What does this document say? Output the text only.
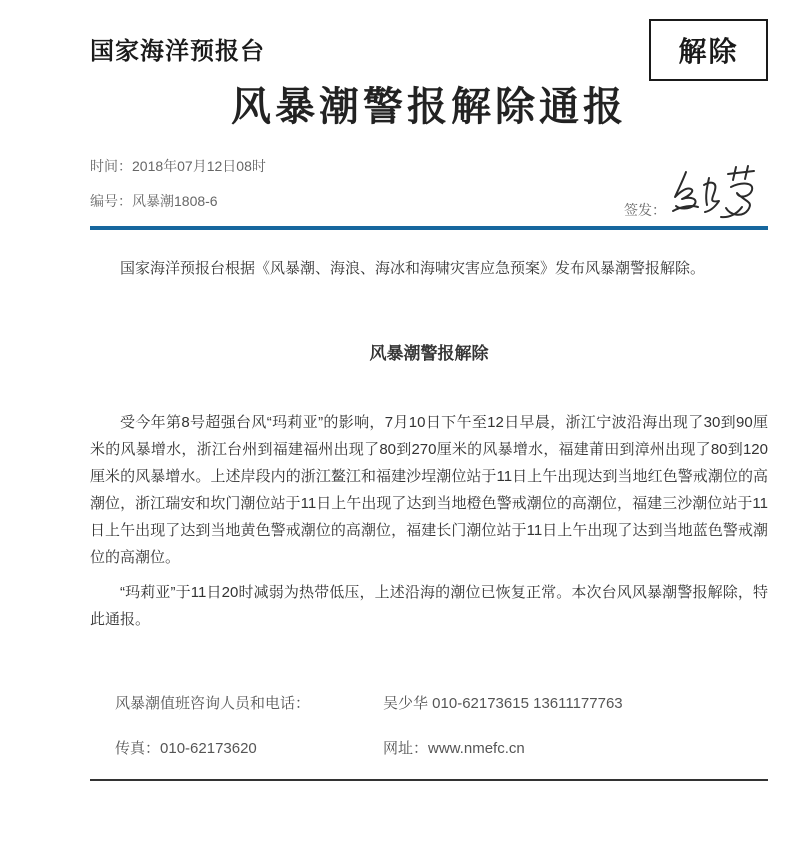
国家海洋预报台	解除
风暴潮警报解除通报
时间：2018年07月12日08时
编号：风暴潮1808-6
签发：

国家海洋预报台根据《风暴潮、海浪、海冰和海啸灾害应急预案》发布风暴潮警报解除。

风暴潮警报解除

受今年第8号超强台风“玛莉亚”的影响，7月10日下午至12日早晨，浙江宁波沿海出现了30到90厘米的风暴增水，浙江台州到福建福州出现了80到270厘米的风暴增水，福建莆田到漳州出现了80到120厘米的风暴增水。上述岸段内的浙江鳌江和福建沙埕潮位站于11日上午出现达到当地红色警戒潮位的高潮位，浙江瑞安和坎门潮位站于11日上午出现了达到当地橙色警戒潮位的高潮位，福建三沙潮位站于11日上午出现了达到当地黄色警戒潮位的高潮位，福建长门潮位站于11日上午出现了达到当地蓝色警戒潮位的高潮位。

“玛莉亚”于11日20时减弱为热带低压，上述沿海的潮位已恢复正常。本次台风风暴潮警报解除，特此通报。

风暴潮值班咨询人员和电话：	吴少华 010-62173615 13611177763
传真：010-62173620	网址：www.nmefc.cn
